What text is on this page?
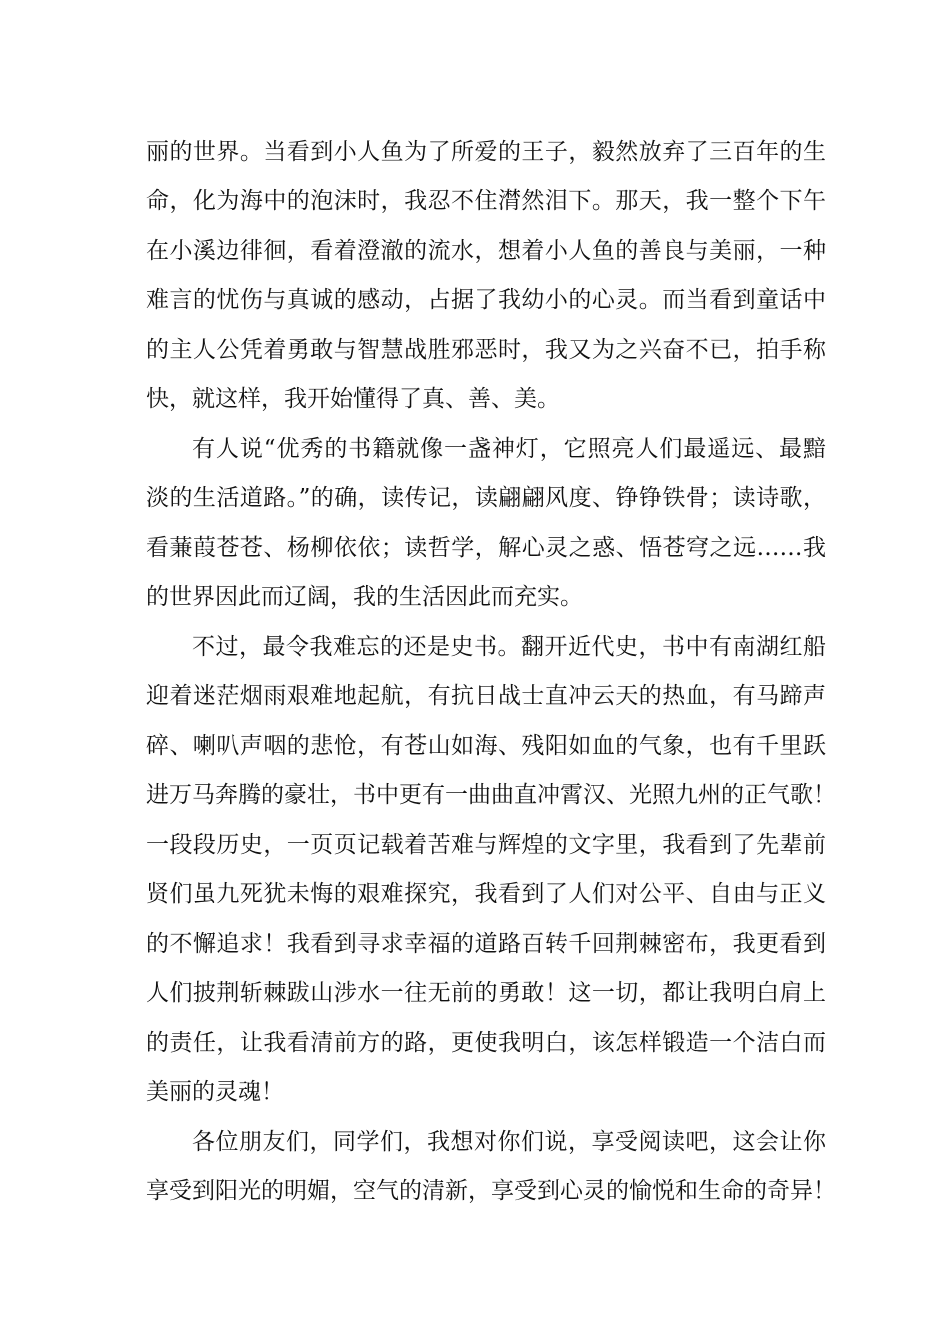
丽的世界。当看到小人鱼为了所爱的王子，毅然放弃了三百年的生
命，化为海中的泡沫时，我忍不住潸然泪下。那天，我一整个下午
在小溪边徘徊，看着澄澈的流水，想着小人鱼的善良与美丽，一种
难言的忧伤与真诚的感动，占据了我幼小的心灵。而当看到童话中
的主人公凭着勇敢与智慧战胜邪恶时，我又为之兴奋不已，拍手称
快，就这样，我开始懂得了真、善、美。
有人说“优秀的书籍就像一盏神灯，它照亮人们最遥远、最黯
淡的生活道路。”的确，读传记，读翩翩风度、铮铮铁骨；读诗歌，
看蒹葭苍苍、杨柳依依；读哲学，解心灵之惑、悟苍穹之远……我
的世界因此而辽阔，我的生活因此而充实。
不过，最令我难忘的还是史书。翻开近代史，书中有南湖红船
迎着迷茫烟雨艰难地起航，有抗日战士直冲云天的热血，有马蹄声
碎、喇叭声咽的悲怆，有苍山如海、残阳如血的气象，也有千里跃
进万马奔腾的豪壮，书中更有一曲曲直冲霄汉、光照九州的正气歌！
一段段历史，一页页记载着苦难与辉煌的文字里，我看到了先辈前
贤们虽九死犹未悔的艰难探究，我看到了人们对公平、自由与正义
的不懈追求！我看到寻求幸福的道路百转千回荆棘密布，我更看到
人们披荆斩棘跋山涉水一往无前的勇敢！这一切，都让我明白肩上
的责任，让我看清前方的路，更使我明白，该怎样锻造一个洁白而
美丽的灵魂！
各位朋友们，同学们，我想对你们说，享受阅读吧，这会让你
享受到阳光的明媚，空气的清新，享受到心灵的愉悦和生命的奇异！
